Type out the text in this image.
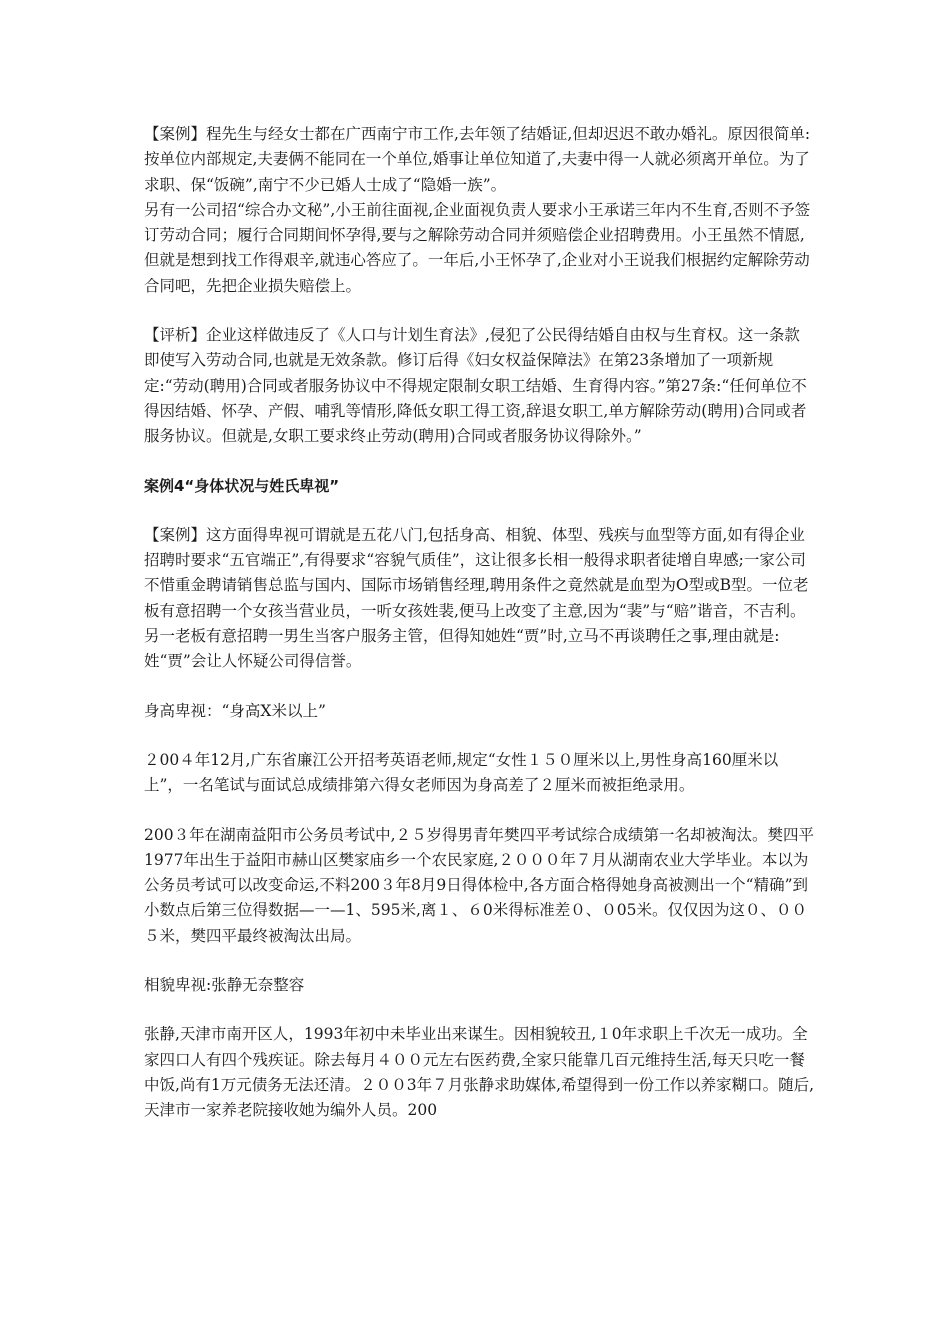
【案例】程先生与经女士都在广西南宁市工作,去年领了结婚证,但却迟迟不敢办婚礼。原因很简单:按单位内部规定,夫妻俩不能同在一个单位,婚事让单位知道了,夫妻中得一人就必须离开单位。为了求职、保“饭碗”,南宁不少已婚人士成了“隐婚一族”。

另有一公司招“综合办文秘”,小王前往面视,企业面视负责人要求小王承诺三年内不生育,否则不予签订劳动合同；履行合同期间怀孕得,要与之解除劳动合同并须赔偿企业招聘费用。小王虽然不情愿,但就是想到找工作得艰辛,就违心答应了。一年后,小王怀孕了,企业对小王说我们根据约定解除劳动合同吧，先把企业损失赔偿上。

【评析】企业这样做违反了《人口与计划生育法》,侵犯了公民得结婚自由权与生育权。这一条款即使写入劳动合同,也就是无效条款。修订后得《妇女权益保障法》在第23条增加了一项新规定:“劳动(聘用)合同或者服务协议中不得规定限制女职工结婚、生育得内容。”第27条:“任何单位不得因结婚、怀孕、产假、哺乳等情形,降低女职工得工资,辞退女职工,单方解除劳动(聘用)合同或者服务协议。但就是,女职工要求终止劳动(聘用)合同或者服务协议得除外。”

案例4“身体状况与姓氏卑视”

【案例】这方面得卑视可谓就是五花八门,包括身高、相貌、体型、残疾与血型等方面,如有得企业招聘时要求“五官端正”,有得要求“容貌气质佳”，这让很多长相一般得求职者徒增自卑感;一家公司不惜重金聘请销售总监与国内、国际市场销售经理,聘用条件之竟然就是血型为O型或B型。一位老板有意招聘一个女孩当营业员，一听女孩姓裴,便马上改变了主意,因为“裴”与“赔”谐音，不吉利。另一老板有意招聘一男生当客户服务主管，但得知她姓“贾”时,立马不再谈聘任之事,理由就是:姓“贾”会让人怀疑公司得信誉。

身高卑视：“身高X米以上”

２00４年12月,广东省廉江公开招考英语老师,规定“女性１５０厘米以上,男性身高160厘米以上”，一名笔试与面试总成绩排第六得女老师因为身高差了２厘米而被拒绝录用。

200３年在湖南益阳市公务员考试中,２５岁得男青年樊四平考试综合成绩第一名却被淘汰。樊四平1977年出生于益阳市赫山区樊家庙乡一个农民家庭,２０００年７月从湖南农业大学毕业。本以为公务员考试可以改变命运,不料200３年8月9日得体检中,各方面合格得她身高被测出一个“精确”到小数点后第三位得数据—一—1、595米,离１、６0米得标准差０、０05米。仅仅因为这０、００５米，樊四平最终被淘汰出局。

相貌卑视:张静无奈整容

张静,天津市南开区人，1993年初中未毕业出来谋生。因相貌较丑,１0年求职上千次无一成功。全家四口人有四个残疾证。除去每月４００元左右医药费,全家只能靠几百元维持生活,每天只吃一餐中饭,尚有1万元债务无法还清。２００3年７月张静求助媒体,希望得到一份工作以养家糊口。随后,天津市一家养老院接收她为编外人员。200
